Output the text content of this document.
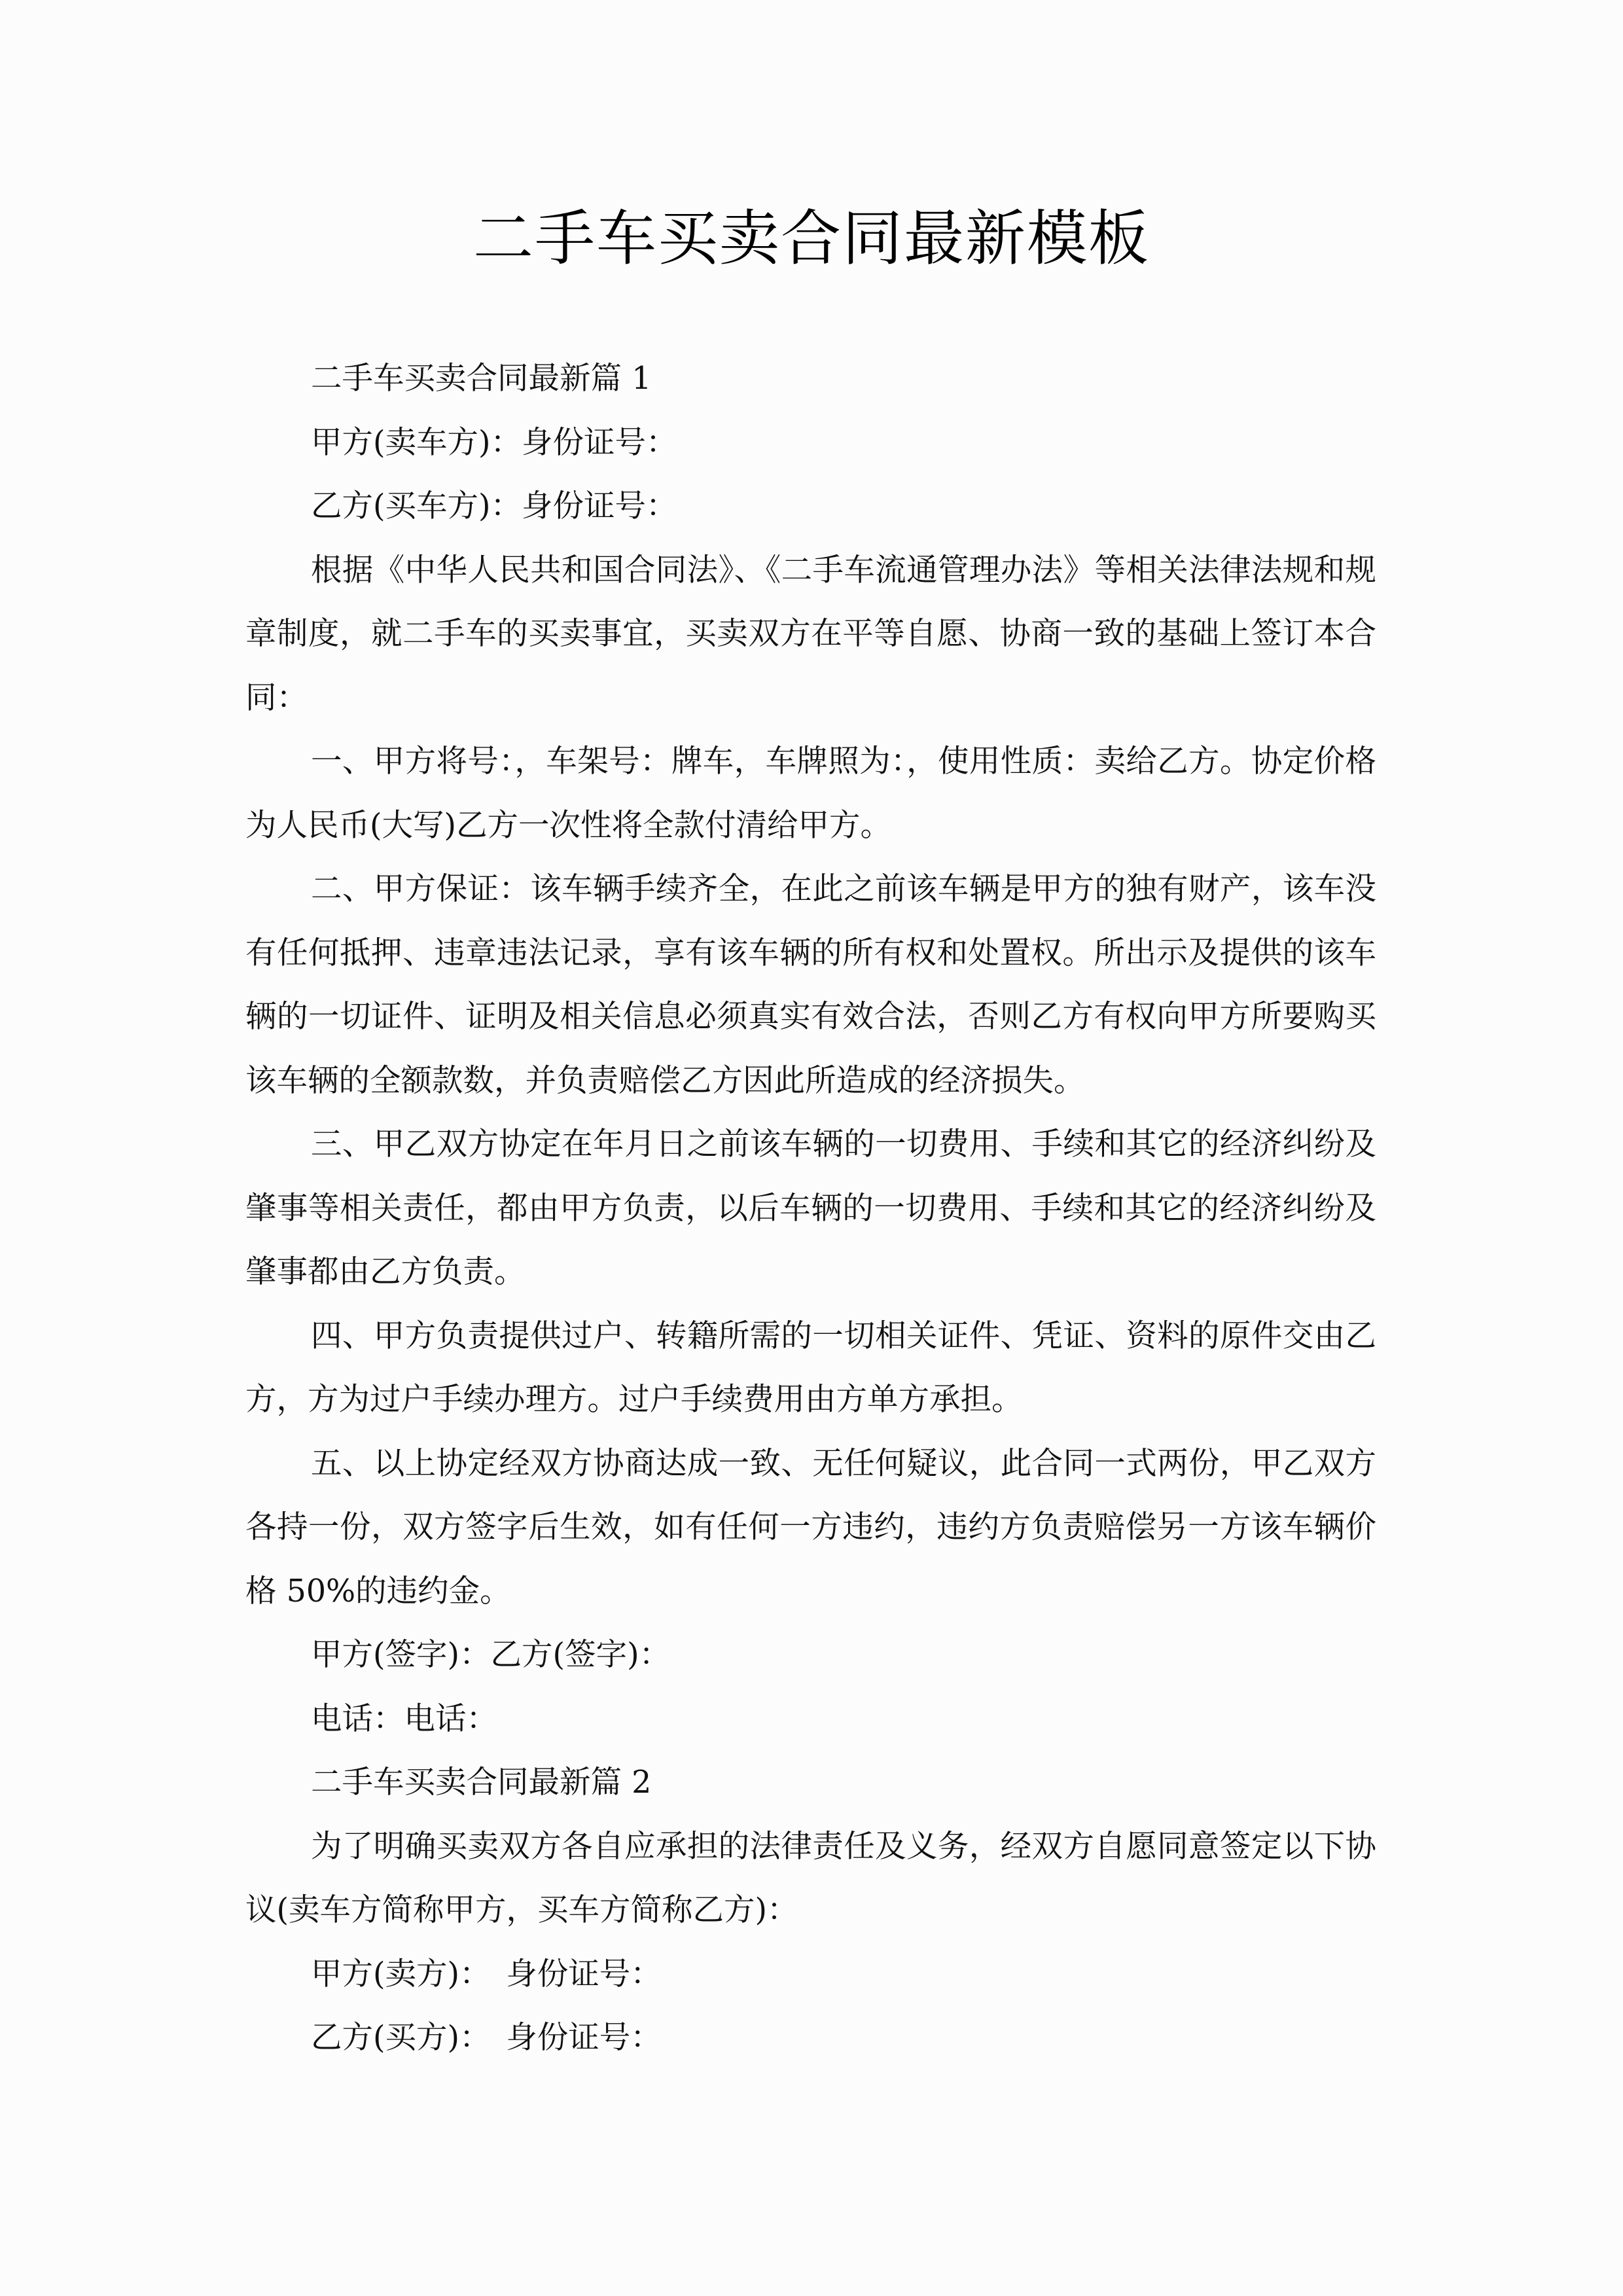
二手车买卖合同最新模板

二手车买卖合同最新篇 1

甲方(卖车方)：身份证号：

乙方(买车方)：身份证号：

根据《中华人民共和国合同法》、《二手车流通管理办法》等相关法律法规和规章制度，就二手车的买卖事宜，买卖双方在平等自愿、协商一致的基础上签订本合同：

一、甲方将号：，车架号：牌车，车牌照为：，使用性质：卖给乙方。协定价格为人民币(大写)乙方一次性将全款付清给甲方。

二、甲方保证：该车辆手续齐全，在此之前该车辆是甲方的独有财产，该车没有任何抵押、违章违法记录，享有该车辆的所有权和处置权。所出示及提供的该车辆的一切证件、证明及相关信息必须真实有效合法，否则乙方有权向甲方所要购买该车辆的全额款数，并负责赔偿乙方因此所造成的经济损失。

三、甲乙双方协定在年月日之前该车辆的一切费用、手续和其它的经济纠纷及肇事等相关责任，都由甲方负责，以后车辆的一切费用、手续和其它的经济纠纷及肇事都由乙方负责。

四、甲方负责提供过户、转籍所需的一切相关证件、凭证、资料的原件交由乙方，方为过户手续办理方。过户手续费用由方单方承担。

五、以上协定经双方协商达成一致、无任何疑议，此合同一式两份，甲乙双方各持一份，双方签字后生效，如有任何一方违约，违约方负责赔偿另一方该车辆价格 50%的违约金。

甲方(签字)：乙方(签字)：

电话：电话：

二手车买卖合同最新篇 2

为了明确买卖双方各自应承担的法律责任及义务，经双方自愿同意签定以下协议(卖车方简称甲方，买车方简称乙方)：

甲方(卖方)：　身份证号：

乙方(买方)：　身份证号：
